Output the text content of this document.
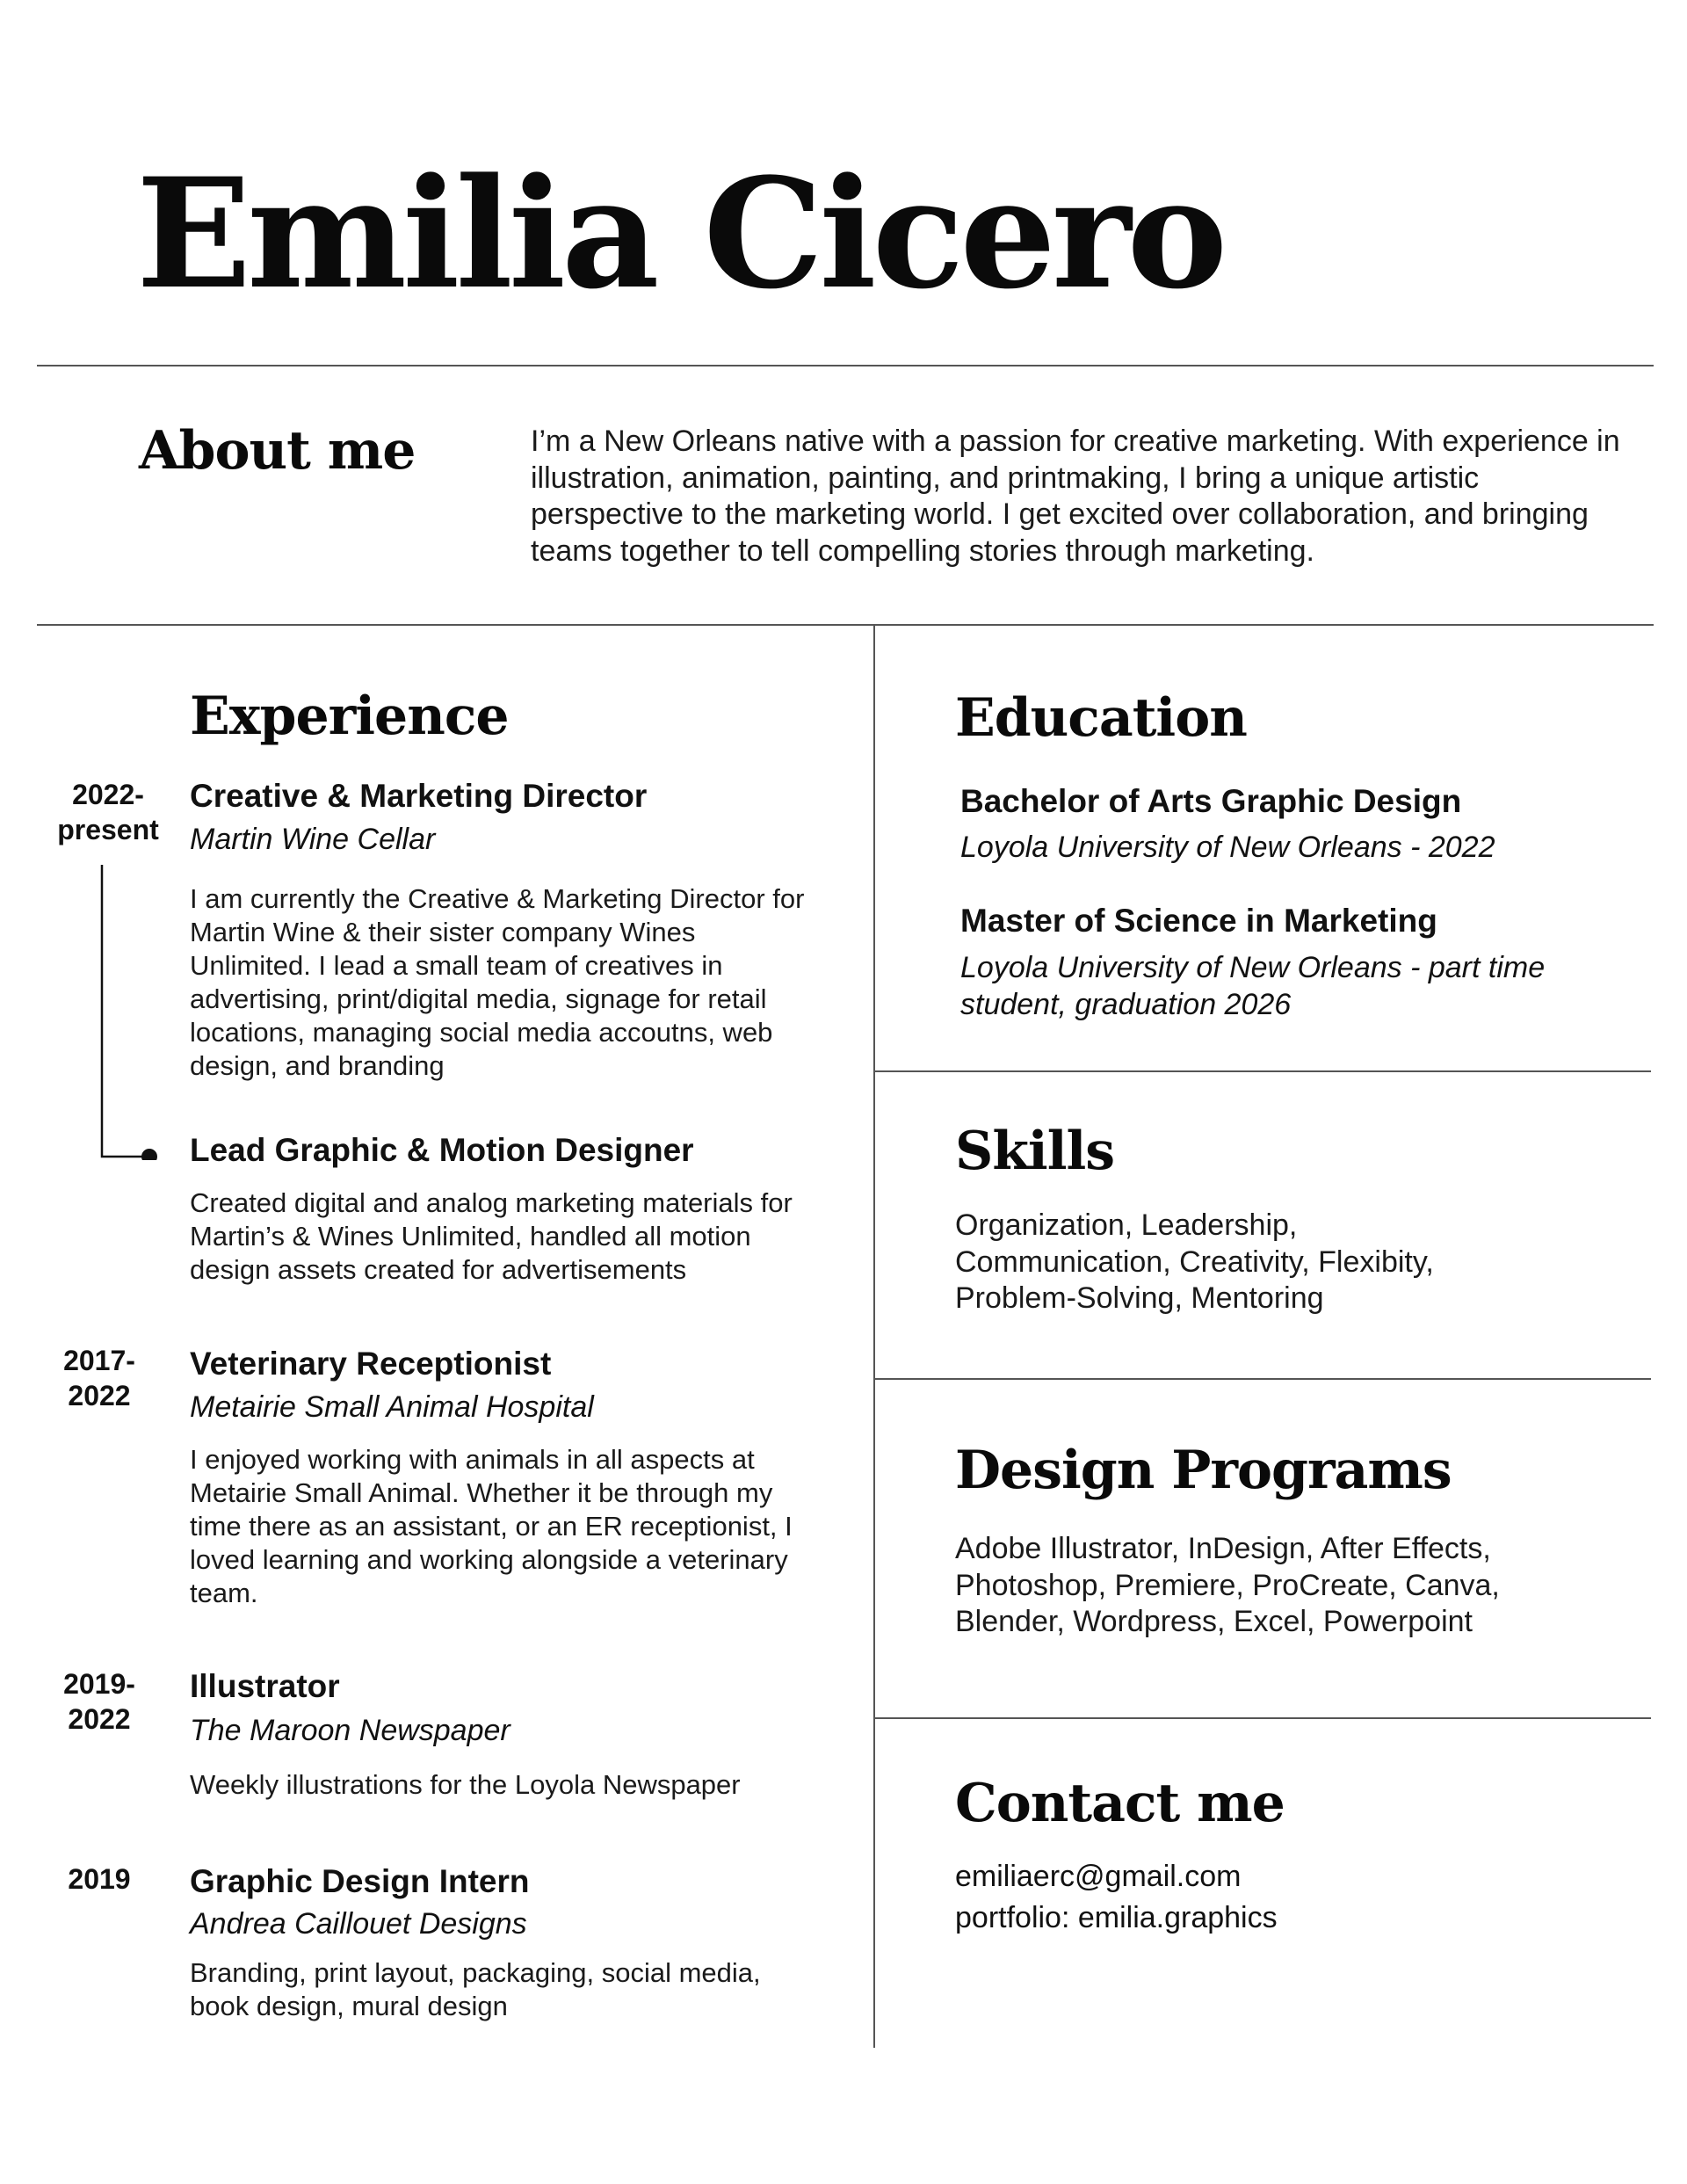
Emilia Cicero
About me	I’m a New Orleans native with a passion for creative marketing. With experience in illustration, animation, painting, and printmaking, I bring a unique artistic perspective to the marketing world. I get excited over collaboration, and bringing teams together to tell compelling stories through marketing.
Experience
2022-
present
Creative & Marketing Director
Martin Wine Cellar
I am currently the Creative & Marketing Director for Martin Wine & their sister company Wines Unlimited. I lead a small team of creatives in advertising, print/digital media, signage for retail locations, managing social media accoutns, web design, and branding
Lead Graphic & Motion Designer
Created digital and analog marketing materials for Martin’s & Wines Unlimited, handled all motion design assets created for advertisements
2017-
2022
Veterinary Receptionist
Metairie Small Animal Hospital
I enjoyed working with animals in all aspects at Metairie Small Animal. Whether it be through my time there as an assistant, or an ER receptionist, I loved learning and working alongside a veterinary team.
2019-
2022
Illustrator
The Maroon Newspaper
Weekly illustrations for the Loyola Newspaper
2019	Graphic Design Intern
Andrea Caillouet Designs
Branding, print layout, packaging, social media, book design, mural design
Education
Bachelor of Arts Graphic Design
Loyola University of New Orleans - 2022
Master of Science in Marketing
Loyola University of New Orleans - part time student, graduation 2026
Skills
Organization, Leadership, Communication, Creativity, Flexibity, Problem-Solving, Mentoring
Design Programs
Adobe Illustrator, InDesign, After Effects, Photoshop, Premiere, ProCreate, Canva, Blender, Wordpress, Excel, Powerpoint
Contact me
emiliaerc@gmail.com
portfolio: emilia.graphics
